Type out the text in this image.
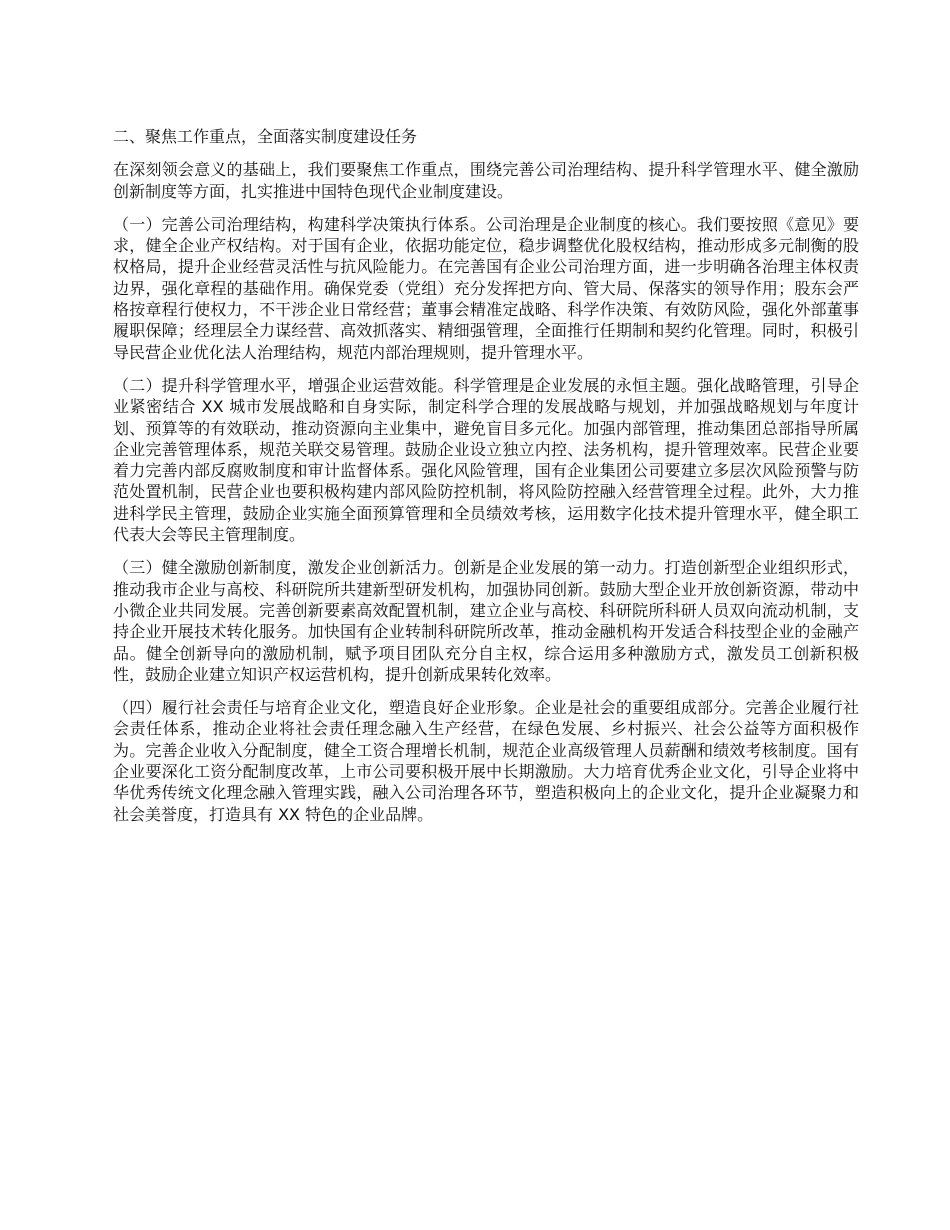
二、聚焦工作重点，全面落实制度建设任务

在深刻领会意义的基础上，我们要聚焦工作重点，围绕完善公司治理结构、提升科学管理水平、健全激励创新制度等方面，扎实推进中国特色现代企业制度建设。

（一）完善公司治理结构，构建科学决策执行体系。公司治理是企业制度的核心。我们要按照《意见》要求，健全企业产权结构。对于国有企业，依据功能定位，稳步调整优化股权结构，推动形成多元制衡的股权格局，提升企业经营灵活性与抗风险能力。在完善国有企业公司治理方面，进一步明确各治理主体权责边界，强化章程的基础作用。确保党委（党组）充分发挥把方向、管大局、保落实的领导作用；股东会严格按章程行使权力，不干涉企业日常经营；董事会精准定战略、科学作决策、有效防风险，强化外部董事履职保障；经理层全力谋经营、高效抓落实、精细强管理，全面推行任期制和契约化管理。同时，积极引导民营企业优化法人治理结构，规范内部治理规则，提升管理水平。

（二）提升科学管理水平，增强企业运营效能。科学管理是企业发展的永恒主题。强化战略管理，引导企业紧密结合 XX 城市发展战略和自身实际，制定科学合理的发展战略与规划，并加强战略规划与年度计划、预算等的有效联动，推动资源向主业集中，避免盲目多元化。加强内部管理，推动集团总部指导所属企业完善管理体系，规范关联交易管理。鼓励企业设立独立内控、法务机构，提升管理效率。民营企业要着力完善内部反腐败制度和审计监督体系。强化风险管理，国有企业集团公司要建立多层次风险预警与防范处置机制，民营企业也要积极构建内部风险防控机制，将风险防控融入经营管理全过程。此外，大力推进科学民主管理，鼓励企业实施全面预算管理和全员绩效考核，运用数字化技术提升管理水平，健全职工代表大会等民主管理制度。

（三）健全激励创新制度，激发企业创新活力。创新是企业发展的第一动力。打造创新型企业组织形式，推动我市企业与高校、科研院所共建新型研发机构，加强协同创新。鼓励大型企业开放创新资源，带动中小微企业共同发展。完善创新要素高效配置机制，建立企业与高校、科研院所科研人员双向流动机制，支持企业开展技术转化服务。加快国有企业转制科研院所改革，推动金融机构开发适合科技型企业的金融产品。健全创新导向的激励机制，赋予项目团队充分自主权，综合运用多种激励方式，激发员工创新积极性，鼓励企业建立知识产权运营机构，提升创新成果转化效率。

（四）履行社会责任与培育企业文化，塑造良好企业形象。企业是社会的重要组成部分。完善企业履行社会责任体系，推动企业将社会责任理念融入生产经营，在绿色发展、乡村振兴、社会公益等方面积极作为。完善企业收入分配制度，健全工资合理增长机制，规范企业高级管理人员薪酬和绩效考核制度。国有企业要深化工资分配制度改革，上市公司要积极开展中长期激励。大力培育优秀企业文化，引导企业将中华优秀传统文化理念融入管理实践，融入公司治理各环节，塑造积极向上的企业文化，提升企业凝聚力和社会美誉度，打造具有 XX 特色的企业品牌。
